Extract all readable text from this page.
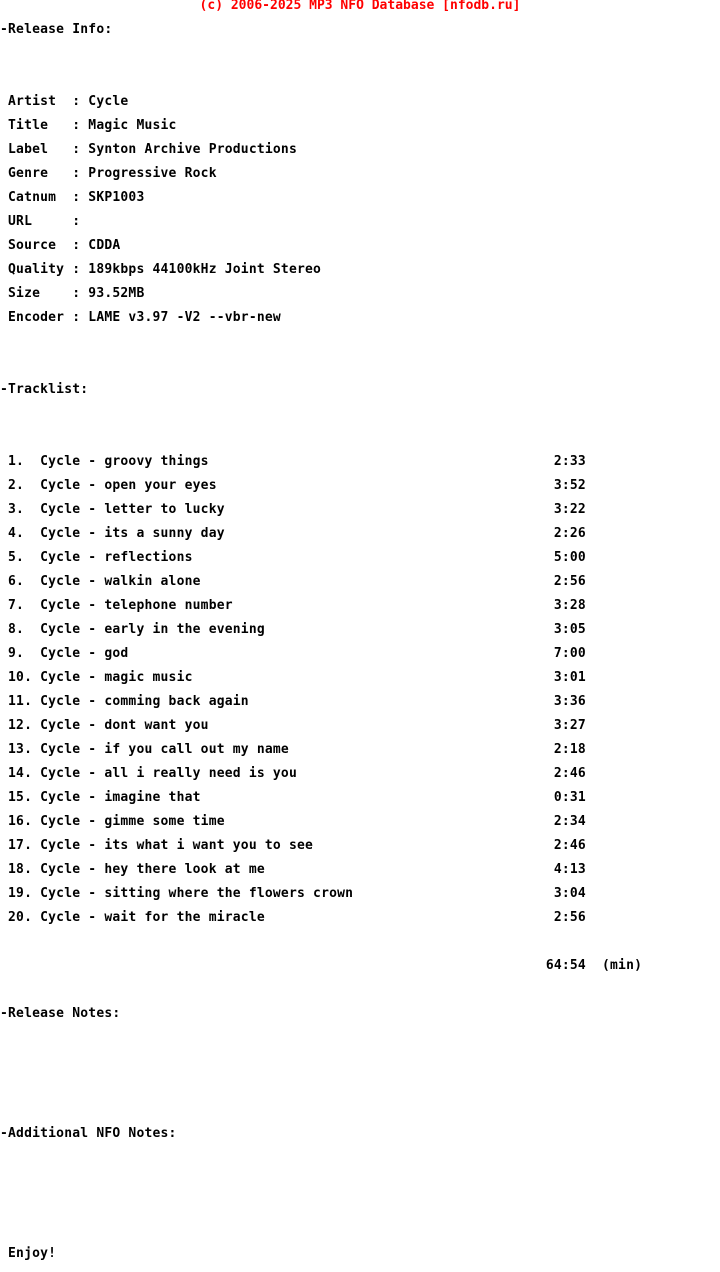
(c) 2006-2025 MP3 NFO Database [nfodb.ru]
-Release Info:

Artist  : Cycle

Title   : Magic Music

Label   : Synton Archive Productions

Genre   : Progressive Rock

Catnum  : SKP1003

URL     :

Source  : CDDA

Quality : 189kbps 44100kHz Joint Stereo

Size    : 93.52MB

Encoder : LAME v3.97 -V2 --vbr-new

-Tracklist:

1.  Cycle - groovy things                                           2:33

2.  Cycle - open your eyes                                          3:52

3.  Cycle - letter to lucky                                         3:22

4.  Cycle - its a sunny day                                         2:26

5.  Cycle - reflections                                             5:00

6.  Cycle - walkin alone                                            2:56

7.  Cycle - telephone number                                        3:28

8.  Cycle - early in the evening                                    3:05

9.  Cycle - god                                                     7:00

10. Cycle - magic music                                             3:01

11. Cycle - comming back again                                      3:36

12. Cycle - dont want you                                           3:27

13. Cycle - if you call out my name                                 2:18

14. Cycle - all i really need is you                                2:46

15. Cycle - imagine that                                            0:31

16. Cycle - gimme some time                                         2:34

17. Cycle - its what i want you to see                              2:46

18. Cycle - hey there look at me                                    4:13

19. Cycle - sitting where the flowers crown                         3:04

20. Cycle - wait for the miracle                                    2:56

64:54  (min)

-Release Notes:

-Additional NFO Notes:

Enjoy!
